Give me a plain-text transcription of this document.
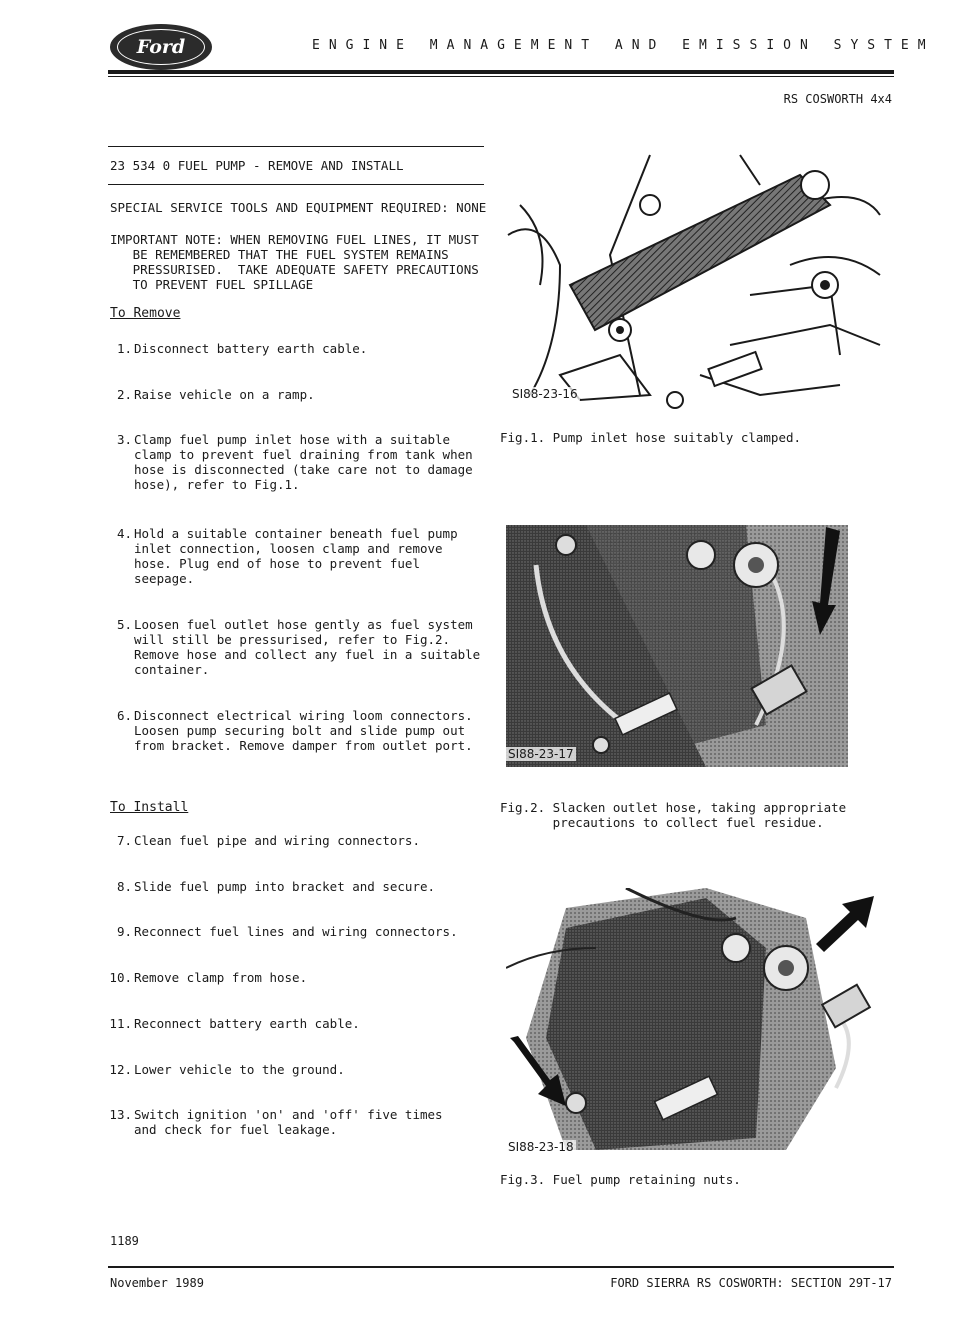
Ford	ENGINE MANAGEMENT AND EMISSION SYSTEM
RS COSWORTH 4x4
23 534 0 FUEL PUMP - REMOVE AND INSTALL
SPECIAL SERVICE TOOLS AND EQUIPMENT REQUIRED: NONE
IMPORTANT NOTE: WHEN REMOVING FUEL LINES, IT MUST
BE REMEMBERED THAT THE FUEL SYSTEM REMAINS
PRESSURISED.  TAKE ADEQUATE SAFETY PRECAUTIONS
TO PREVENT FUEL SPILLAGE
To Remove
1. Disconnect battery earth cable.
2. Raise vehicle on a ramp.
3. Clamp fuel pump inlet hose with a suitable
clamp to prevent fuel draining from tank when
hose is disconnected (take care not to damage
hose), refer to Fig.1.
4. Hold a suitable container beneath fuel pump
inlet connection, loosen clamp and remove
hose. Plug end of hose to prevent fuel
seepage.
5. Loosen fuel outlet hose gently as fuel system
will still be pressurised, refer to Fig.2.
Remove hose and collect any fuel in a suitable
container.
6. Disconnect electrical wiring loom connectors.
Loosen pump securing bolt and slide pump out
from bracket. Remove damper from outlet port.
To Install
7. Clean fuel pipe and wiring connectors.
8. Slide fuel pump into bracket and secure.
9. Reconnect fuel lines and wiring connectors.
10. Remove clamp from hose.
11. Reconnect battery earth cable.
12. Lower vehicle to the ground.
13. Switch ignition 'on' and 'off' five times
and check for fuel leakage.
SI88-23-16
Fig.1. Pump inlet hose suitably clamped.
SI88-23-17
Fig.2. Slacken outlet hose, taking appropriate
precautions to collect fuel residue.
SI88-23-18
Fig.3. Fuel pump retaining nuts.
1189
November 1989	FORD SIERRA RS COSWORTH: SECTION 29T-17
